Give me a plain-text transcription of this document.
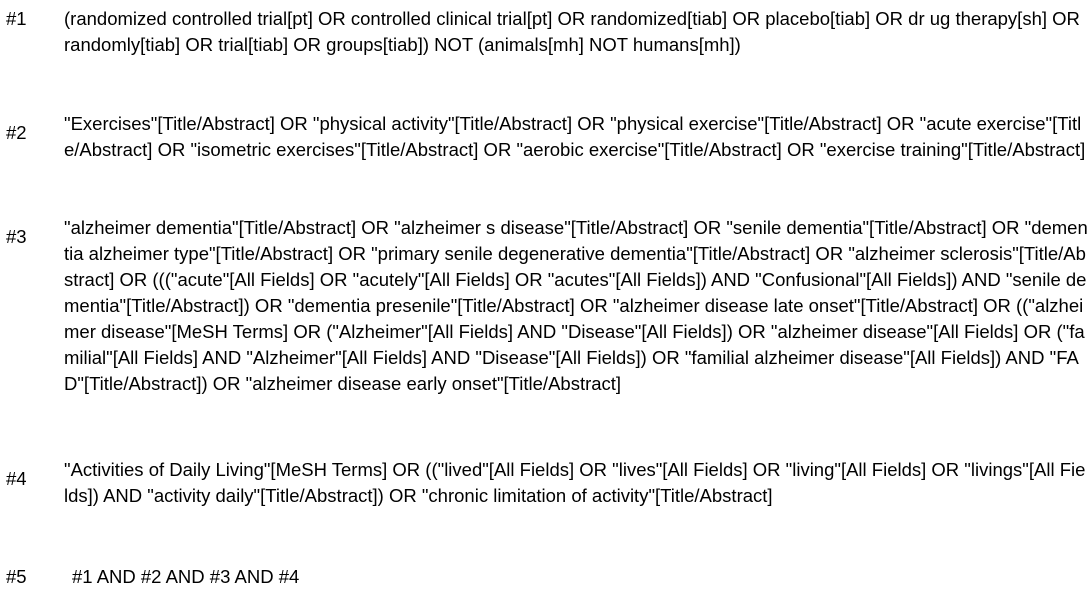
#1 (randomized controlled trial[pt] OR controlled clinical trial[pt] OR randomized[tiab] OR placebo[tiab] OR dr ug therapy[sh] OR randomly[tiab] OR trial[tiab] OR groups[tiab]) NOT (animals[mh] NOT humans[mh])
#2 "Exercises"[Title/Abstract] OR "physical activity"[Title/Abstract] OR "physical exercise"[Title/Abstract] OR "acute exercise"[Title/Abstract] OR "isometric exercises"[Title/Abstract] OR "aerobic exercise"[Title/Abstract] OR "exercise training"[Title/Abstract]
#3 "alzheimer dementia"[Title/Abstract] OR "alzheimer s disease"[Title/Abstract] OR "senile dementia"[Title/Abstract] OR "dementia alzheimer type"[Title/Abstract] OR "primary senile degenerative dementia"[Title/Abstract] OR "alzheimer sclerosis"[Title/Abstract] OR ((("acute"[All Fields] OR "acutely"[All Fields] OR "acutes"[All Fields]) AND "Confusional"[All Fields]) AND "senile dementia"[Title/Abstract]) OR "dementia presenile"[Title/Abstract] OR "alzheimer disease late onset"[Title/Abstract] OR (("alzheimer disease"[MeSH Terms] OR ("Alzheimer"[All Fields] AND "Disease"[All Fields]) OR "alzheimer disease"[All Fields] OR ("familial"[All Fields] AND "Alzheimer"[All Fields] AND "Disease"[All Fields]) OR "familial alzheimer disease"[All Fields]) AND "FAD"[Title/Abstract]) OR "alzheimer disease early onset"[Title/Abstract]
#4 "Activities of Daily Living"[MeSH Terms] OR (("lived"[All Fields] OR "lives"[All Fields] OR "living"[All Fields] OR "livings"[All Fields]) AND "activity daily"[Title/Abstract]) OR "chronic limitation of activity"[Title/Abstract]
#5 #1 AND #2 AND #3 AND #4
